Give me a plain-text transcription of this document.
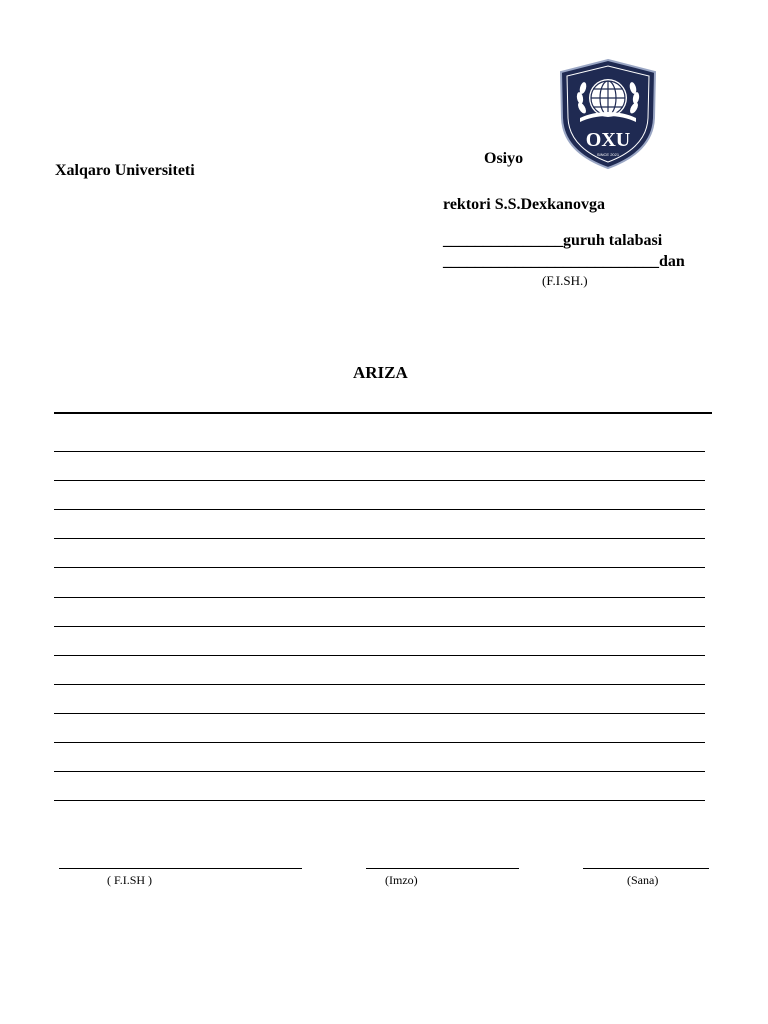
Osiyo
Xalqaro Universiteti
rektori S.S.Dexkanovga
_______________guruh talabasi
___________________________dan
(F.I.SH.)
OXU
SINCE 2021
ARIZA
( F.I.SH )	(Imzo)	(Sana)
